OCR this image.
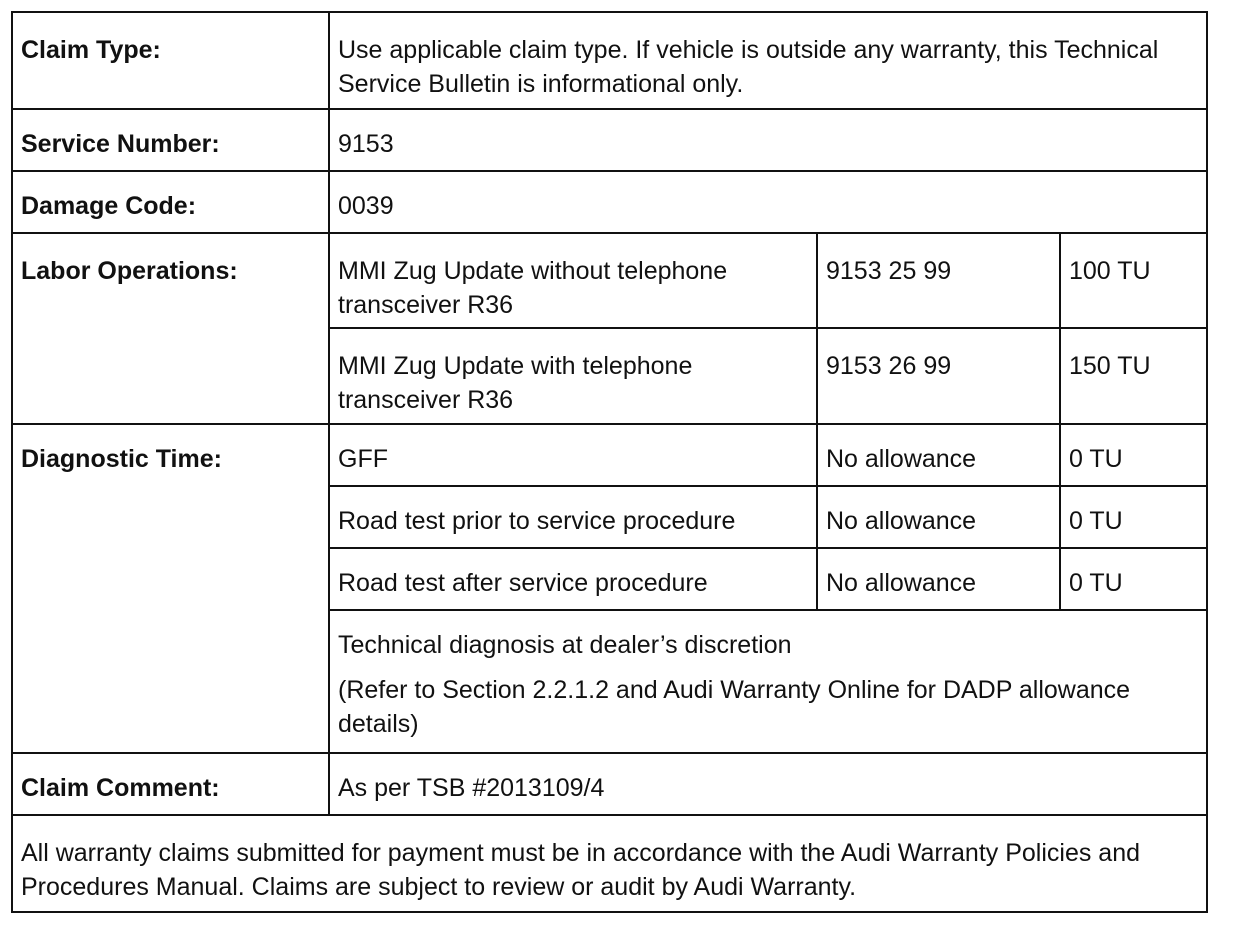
Claim Type:	Use applicable claim type. If vehicle is outside any warranty, this Technical Service Bulletin is informational only.		
Service Number:	9153		
Damage Code:	0039		
Labor Operations:	MMI Zug Update without telephone transceiver R36	9153 25 99	100 TU
	MMI Zug Update with telephone transceiver R36	9153 26 99	150 TU
Diagnostic Time:	GFF	No allowance	0 TU
	Road test prior to service procedure	No allowance	0 TU
	Road test after service procedure	No allowance	0 TU

	Technical diagnosis at dealer’s discretion
(Refer to Section 2.2.1.2 and Audi Warranty Online for DADP allowance details)		

Claim Comment:	As per TSB #2013109/4		
All warranty claims submitted for payment must be in accordance with the Audi Warranty Policies and Procedures Manual. Claims are subject to review or audit by Audi Warranty.			
